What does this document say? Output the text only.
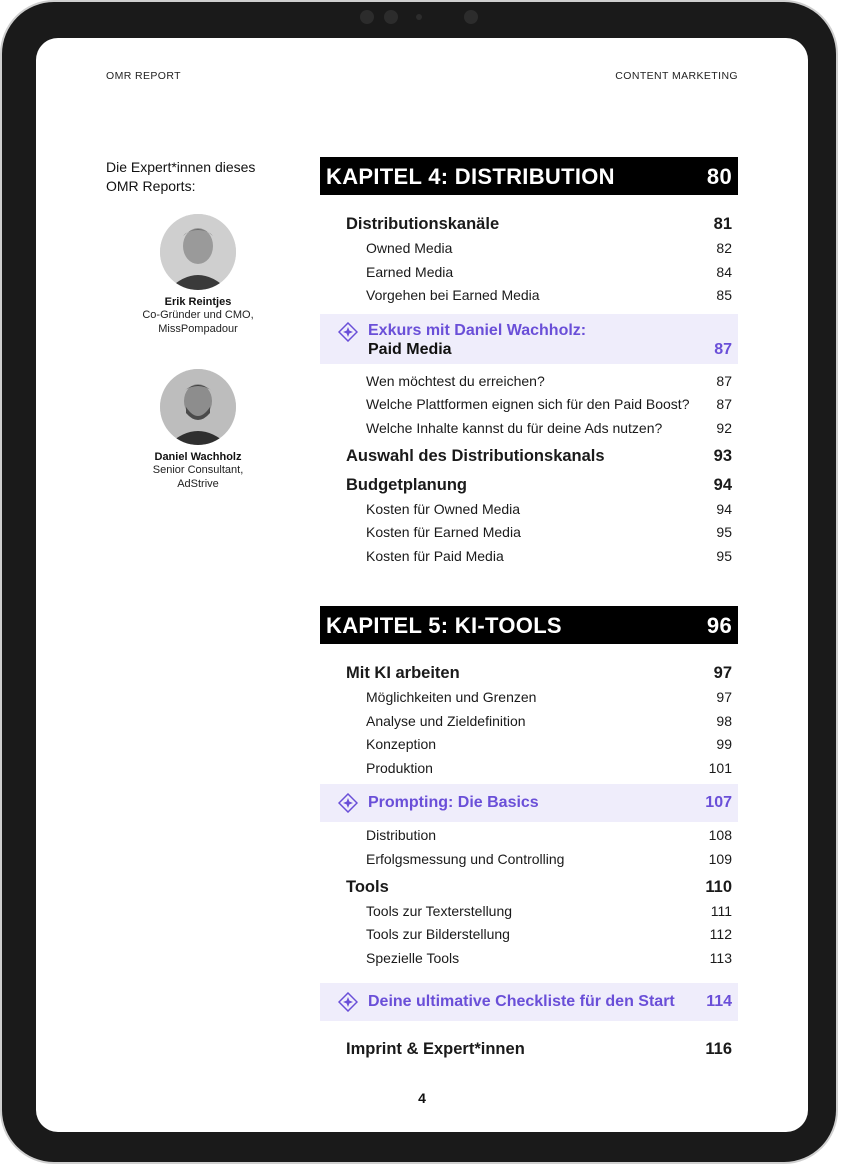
OMR REPORT	CONTENT MARKETING
Die Expert*innen dieses OMR Reports:
Erik Reintjes
Co-Gründer und CMO,
MissPompadour
Daniel Wachholz
Senior Consultant,
AdStrive
KAPITEL 4: DISTRIBUTION	80
Distributionskanäle	81
Owned Media	82
Earned Media	84
Vorgehen bei Earned Media	85
Exkurs mit Daniel Wachholz:
Paid Media	87
Wen möchtest du erreichen?	87
Welche Plattformen eignen sich für den Paid Boost? 87
Welche Inhalte kannst du für deine Ads nutzen?	92
Auswahl des Distributionskanals	93
Budgetplanung	94
Kosten für Owned Media	94
Kosten für Earned Media	95
Kosten für Paid Media	95
KAPITEL 5: KI-TOOLS	96
Mit KI arbeiten	97
Möglichkeiten und Grenzen	97
Analyse und Zieldefinition	98
Konzeption	99
Produktion	101
Prompting: Die Basics	107
Distribution	108
Erfolgsmessung und Controlling	109
Tools	110
Tools zur Texterstellung	111
Tools zur Bilderstellung	112
Spezielle Tools	113
Deine ultimative Checkliste für den Start 114
Imprint & Expert*innen	116
4
